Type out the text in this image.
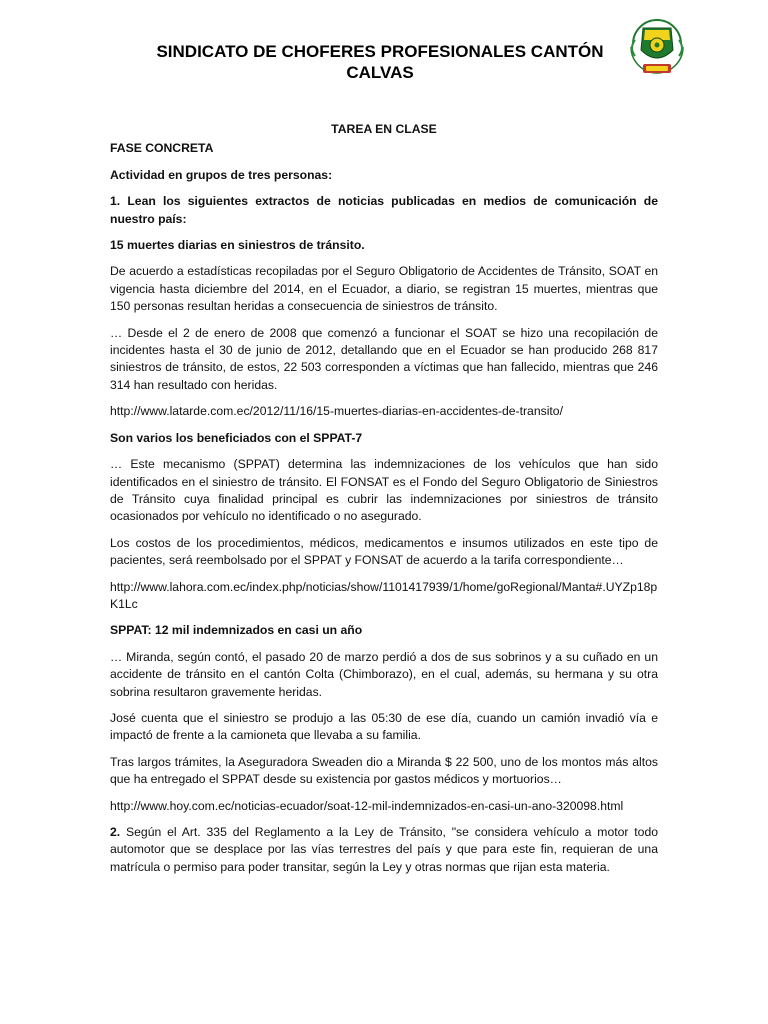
SINDICATO DE CHOFERES PROFESIONALES CANTÓN
CALVAS

TAREA EN CLASE

FASE CONCRETA

Actividad en grupos de tres personas:

1. Lean los siguientes extractos de noticias publicadas en medios de comunicación de nuestro país:

15 muertes diarias en siniestros de tránsito.

De acuerdo a estadísticas recopiladas por el Seguro Obligatorio de Accidentes de Tránsito, SOAT en vigencia hasta diciembre del 2014, en el Ecuador, a diario, se registran 15 muertes, mientras que 150 personas resultan heridas a consecuencia de siniestros de tránsito.

… Desde el 2 de enero de 2008 que comenzó a funcionar el SOAT se hizo una recopilación de incidentes hasta el 30 de junio de 2012, detallando que en el Ecuador se han producido 268 817 siniestros de tránsito, de estos, 22 503 corresponden a víctimas que han fallecido, mientras que 246 314 han resultado con heridas.

http://www.latarde.com.ec/2012/11/16/15-muertes-diarias-en-accidentes-de-transito/

Son varios los beneficiados con el SPPAT-7

… Este mecanismo (SPPAT) determina las indemnizaciones de los vehículos que han sido identificados en el siniestro de tránsito. El FONSAT es el Fondo del Seguro Obligatorio de Siniestros de Tránsito cuya finalidad principal es cubrir las indemnizaciones por siniestros de tránsito ocasionados por vehículo no identificado o no asegurado.

Los costos de los procedimientos, médicos, medicamentos e insumos utilizados en este tipo de pacientes, será reembolsado por el SPPAT y FONSAT de acuerdo a la tarifa correspondiente…

http://www.lahora.com.ec/index.php/noticias/show/1101417939/1/home/goRegional/Manta#.UYZp18pK1Lc

SPPAT: 12 mil indemnizados en casi un año

… Miranda, según contó, el pasado 20 de marzo perdió a dos de sus sobrinos y a su cuñado en un accidente de tránsito en el cantón Colta (Chimborazo), en el cual, además, su hermana y su otra sobrina resultaron gravemente heridas.

José cuenta que el siniestro se produjo a las 05:30 de ese día, cuando un camión invadió vía e impactó de frente a la camioneta que llevaba a su familia.

Tras largos trámites, la Aseguradora Sweaden dio a Miranda $ 22 500, uno de los montos más altos que ha entregado el SPPAT desde su existencia por gastos médicos y mortuorios…

http://www.hoy.com.ec/noticias-ecuador/soat-12-mil-indemnizados-en-casi-un-ano-320098.html

2. Según el Art. 335 del Reglamento a la Ley de Tránsito, "se considera vehículo a motor todo automotor que se desplace por las vías terrestres del país y que para este fin, requieran de una matrícula o permiso para poder transitar, según la Ley y otras normas que rijan esta materia.
